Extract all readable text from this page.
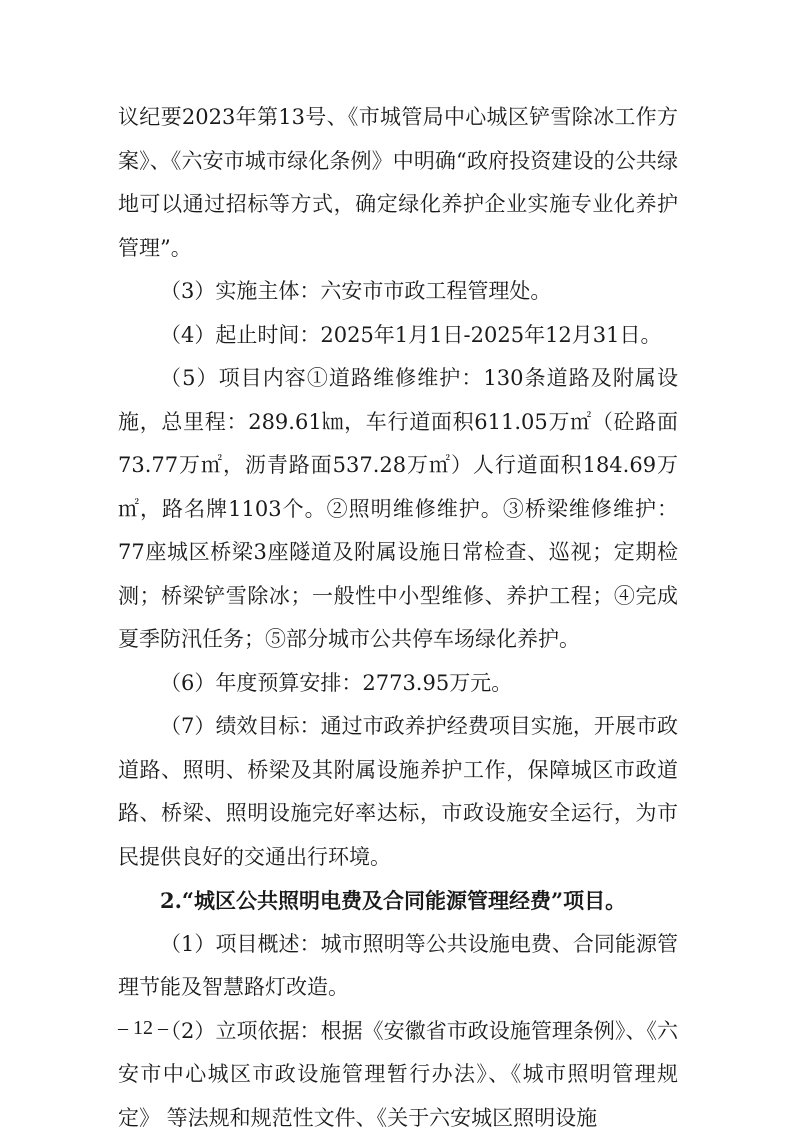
议纪要2023年第13号、《市城管局中心城区铲雪除冰工作方案》、《六安市城市绿化条例》中明确“政府投资建设的公共绿地可以通过招标等方式，确定绿化养护企业实施专业化养护管理”。

（3）实施主体：六安市市政工程管理处。

（4）起止时间：2025年1月1日-2025年12月31日。

（5）项目内容①道路维修维护：130条道路及附属设施，总里程：289.61㎞，车行道面积611.05万㎡（砼路面73.77万㎡，沥青路面537.28万㎡）人行道面积184.69万㎡，路名牌1103个。②照明维修维护。③桥梁维修维护：77座城区桥梁3座隧道及附属设施日常检查、巡视；定期检测；桥梁铲雪除冰；一般性中小型维修、养护工程；④完成夏季防汛任务；⑤部分城市公共停车场绿化养护。

（6）年度预算安排：2773.95万元。

（7）绩效目标：通过市政养护经费项目实施，开展市政道路、照明、桥梁及其附属设施养护工作，保障城区市政道路、桥梁、照明设施完好率达标，市政设施安全运行，为市民提供良好的交通出行环境。

2.“城区公共照明电费及合同能源管理经费”项目。

（1）项目概述：城市照明等公共设施电费、合同能源管理节能及智慧路灯改造。

（2）立项依据：根据《安徽省市政设施管理条例》、《六安市中心城区市政设施管理暂行办法》、《城市照明管理规定》 等法规和规范性文件、《关于六安城区照明设施

– 12 –
